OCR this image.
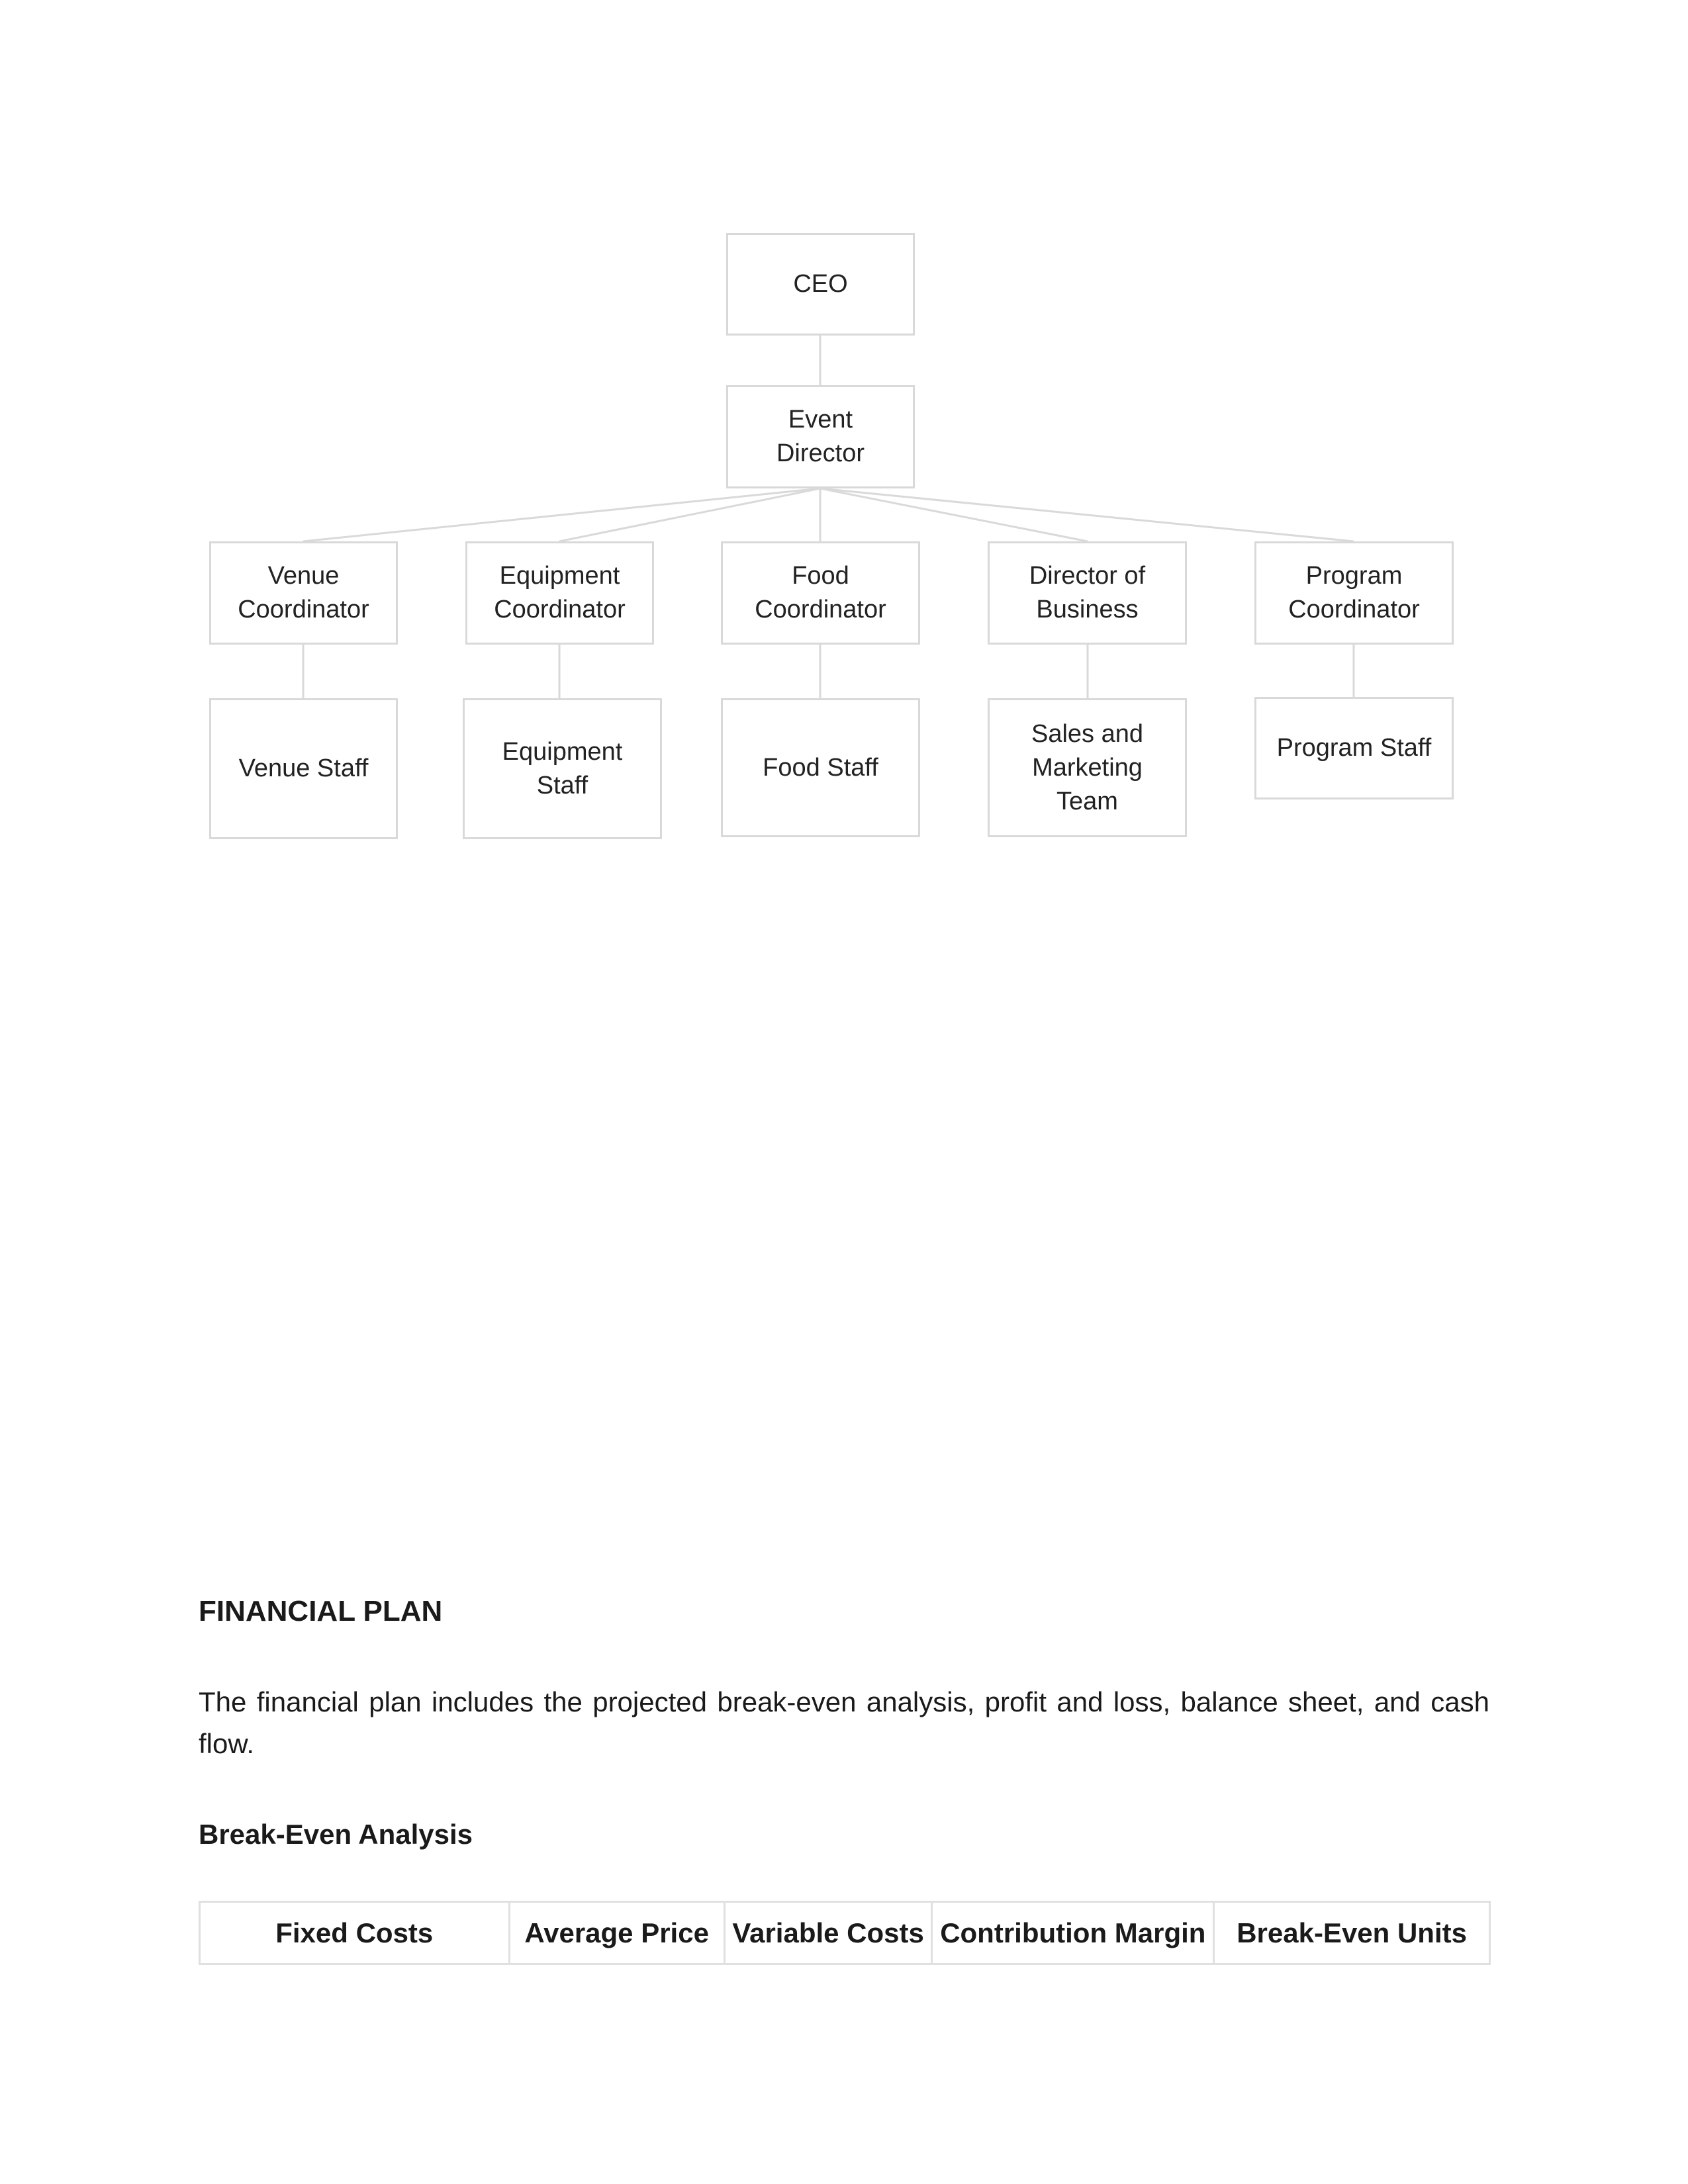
CEO
Event
Director
Venue
Coordinator
Equipment
Coordinator
Food
Coordinator
Director of
Business
Program
Coordinator
Venue Staff
Equipment
Staff
Food Staff
Sales and
Marketing
Team
Program Staff
FINANCIAL PLAN

The financial plan includes the projected break-even analysis, profit and loss, balance sheet, and cash flow.

Break-Even Analysis
Fixed Costs	Average Price	Variable Costs	Contribution Margin	Break-Even Units
